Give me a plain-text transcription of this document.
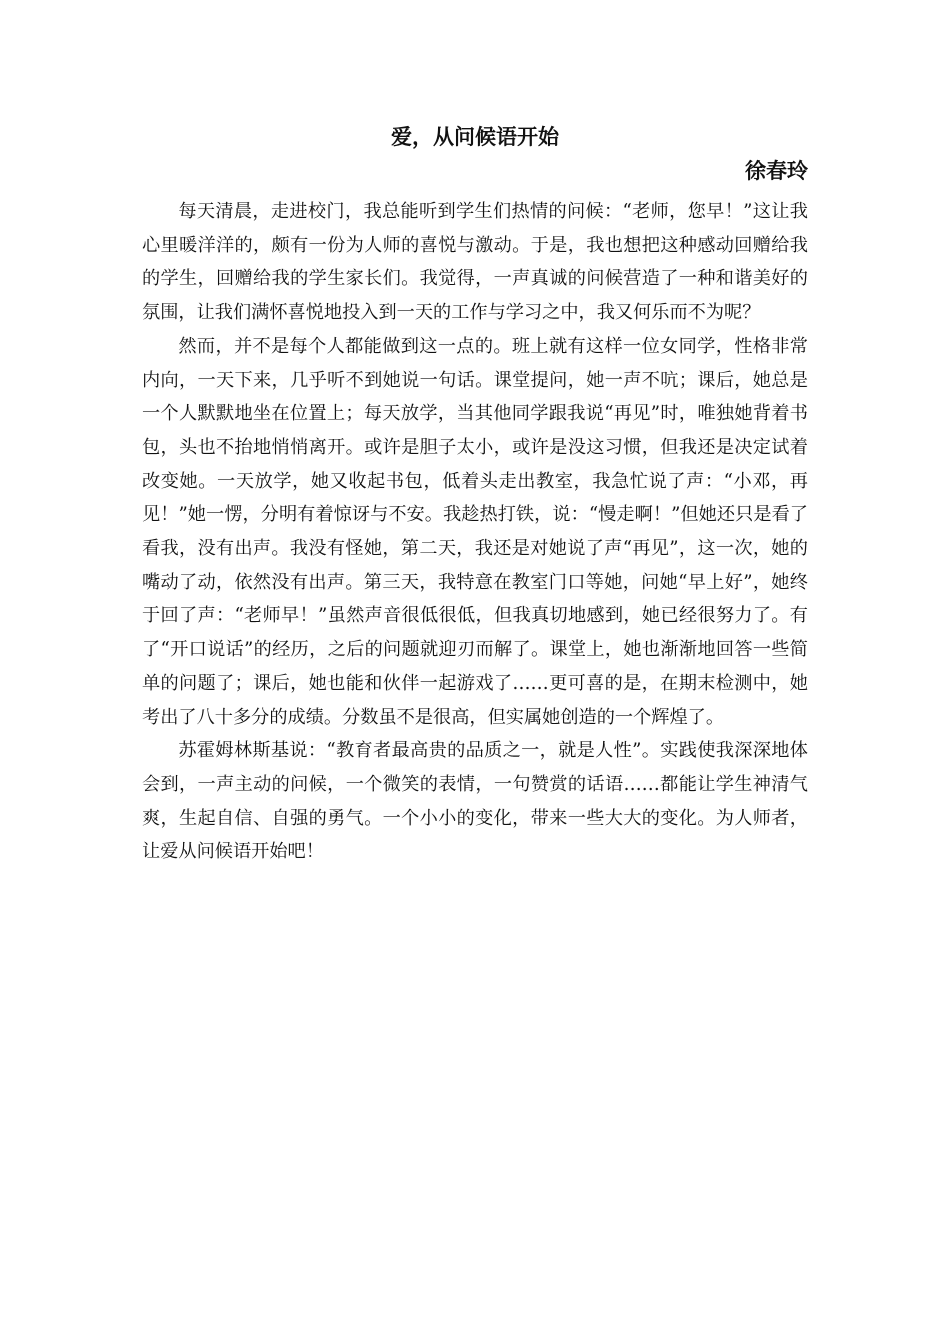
爱，从问候语开始
徐春玲

每天清晨，走进校门，我总能听到学生们热情的问候：“老师，您早！”这让我心里暖洋洋的，颇有一份为人师的喜悦与激动。于是，我也想把这种感动回赠给我的学生，回赠给我的学生家长们。我觉得，一声真诚的问候营造了一种和谐美好的氛围，让我们满怀喜悦地投入到一天的工作与学习之中，我又何乐而不为呢？

然而，并不是每个人都能做到这一点的。班上就有这样一位女同学，性格非常内向，一天下来，几乎听不到她说一句话。课堂提问，她一声不吭；课后，她总是一个人默默地坐在位置上；每天放学，当其他同学跟我说“再见”时，唯独她背着书包，头也不抬地悄悄离开。或许是胆子太小，或许是没这习惯，但我还是决定试着改变她。一天放学，她又收起书包，低着头走出教室，我急忙说了声：“小邓，再见！”她一愣，分明有着惊讶与不安。我趁热打铁，说：“慢走啊！”但她还只是看了看我，没有出声。我没有怪她，第二天，我还是对她说了声“再见”，这一次，她的嘴动了动，依然没有出声。第三天，我特意在教室门口等她，问她“早上好”，她终于回了声：“老师早！”虽然声音很低很低，但我真切地感到，她已经很努力了。有了“开口说话”的经历，之后的问题就迎刃而解了。课堂上，她也渐渐地回答一些简单的问题了；课后，她也能和伙伴一起游戏了……更可喜的是，在期末检测中，她考出了八十多分的成绩。分数虽不是很高，但实属她创造的一个辉煌了。

苏霍姆林斯基说：“教育者最高贵的品质之一，就是人性”。实践使我深深地体会到，一声主动的问候，一个微笑的表情，一句赞赏的话语……都能让学生神清气爽，生起自信、自强的勇气。一个小小的变化，带来一些大大的变化。为人师者，让爱从问候语开始吧！
